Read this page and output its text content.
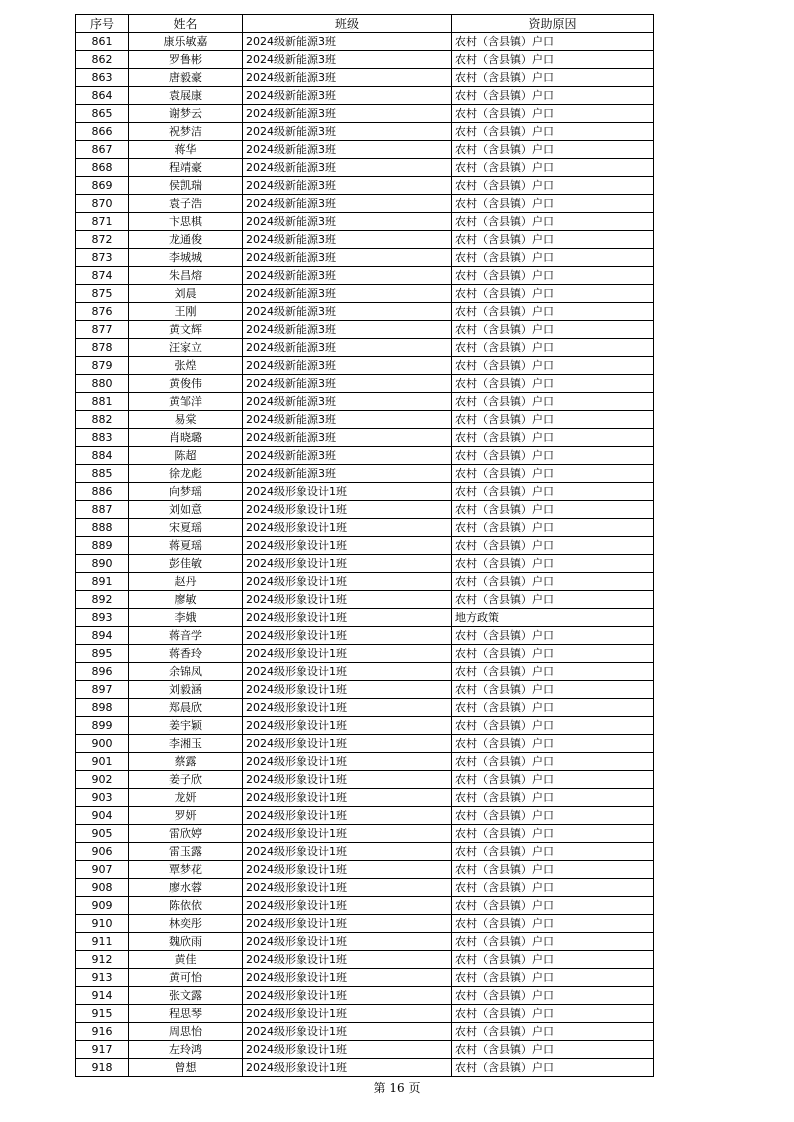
序号	姓名	班级	资助原因
861	康乐敏嘉	2024级新能源3班	农村（含县镇）户口
862	罗鲁彬	2024级新能源3班	农村（含县镇）户口
863	唐毅豪	2024级新能源3班	农村（含县镇）户口
864	袁展康	2024级新能源3班	农村（含县镇）户口
865	谢梦云	2024级新能源3班	农村（含县镇）户口
866	祝梦洁	2024级新能源3班	农村（含县镇）户口
867	蒋华	2024级新能源3班	农村（含县镇）户口
868	程靖豪	2024级新能源3班	农村（含县镇）户口
869	侯凯瑞	2024级新能源3班	农村（含县镇）户口
870	袁子浩	2024级新能源3班	农村（含县镇）户口
871	卞思棋	2024级新能源3班	农村（含县镇）户口
872	龙通俊	2024级新能源3班	农村（含县镇）户口
873	李城城	2024级新能源3班	农村（含县镇）户口
874	朱昌熔	2024级新能源3班	农村（含县镇）户口
875	刘晨	2024级新能源3班	农村（含县镇）户口
876	王刚	2024级新能源3班	农村（含县镇）户口
877	黄文辉	2024级新能源3班	农村（含县镇）户口
878	汪家立	2024级新能源3班	农村（含县镇）户口
879	张煌	2024级新能源3班	农村（含县镇）户口
880	黄俊伟	2024级新能源3班	农村（含县镇）户口
881	黄邹洋	2024级新能源3班	农村（含县镇）户口
882	易棠	2024级新能源3班	农村（含县镇）户口
883	肖晓璐	2024级新能源3班	农村（含县镇）户口
884	陈超	2024级新能源3班	农村（含县镇）户口
885	徐龙彪	2024级新能源3班	农村（含县镇）户口
886	向梦瑶	2024级形象设计1班	农村（含县镇）户口
887	刘如意	2024级形象设计1班	农村（含县镇）户口
888	宋夏瑶	2024级形象设计1班	农村（含县镇）户口
889	蒋夏瑶	2024级形象设计1班	农村（含县镇）户口
890	彭佳敏	2024级形象设计1班	农村（含县镇）户口
891	赵丹	2024级形象设计1班	农村（含县镇）户口
892	廖敏	2024级形象设计1班	农村（含县镇）户口
893	李娥	2024级形象设计1班	地方政策
894	蒋音学	2024级形象设计1班	农村（含县镇）户口
895	蒋香玲	2024级形象设计1班	农村（含县镇）户口
896	余锦凤	2024级形象设计1班	农村（含县镇）户口
897	刘毅涵	2024级形象设计1班	农村（含县镇）户口
898	郑晨欣	2024级形象设计1班	农村（含县镇）户口
899	姜宇颖	2024级形象设计1班	农村（含县镇）户口
900	李湘玉	2024级形象设计1班	农村（含县镇）户口
901	蔡露	2024级形象设计1班	农村（含县镇）户口
902	姜子欣	2024级形象设计1班	农村（含县镇）户口
903	龙妍	2024级形象设计1班	农村（含县镇）户口
904	罗妍	2024级形象设计1班	农村（含县镇）户口
905	雷欣婷	2024级形象设计1班	农村（含县镇）户口
906	雷玉露	2024级形象设计1班	农村（含县镇）户口
907	覃梦花	2024级形象设计1班	农村（含县镇）户口
908	廖水蓉	2024级形象设计1班	农村（含县镇）户口
909	陈依依	2024级形象设计1班	农村（含县镇）户口
910	林奕彤	2024级形象设计1班	农村（含县镇）户口
911	魏欣雨	2024级形象设计1班	农村（含县镇）户口
912	黄佳	2024级形象设计1班	农村（含县镇）户口
913	黄可怡	2024级形象设计1班	农村（含县镇）户口
914	张文露	2024级形象设计1班	农村（含县镇）户口
915	程思琴	2024级形象设计1班	农村（含县镇）户口
916	周思怡	2024级形象设计1班	农村（含县镇）户口
917	左玲鸿	2024级形象设计1班	农村（含县镇）户口
918	曾想	2024级形象设计1班	农村（含县镇）户口
第 16 页
